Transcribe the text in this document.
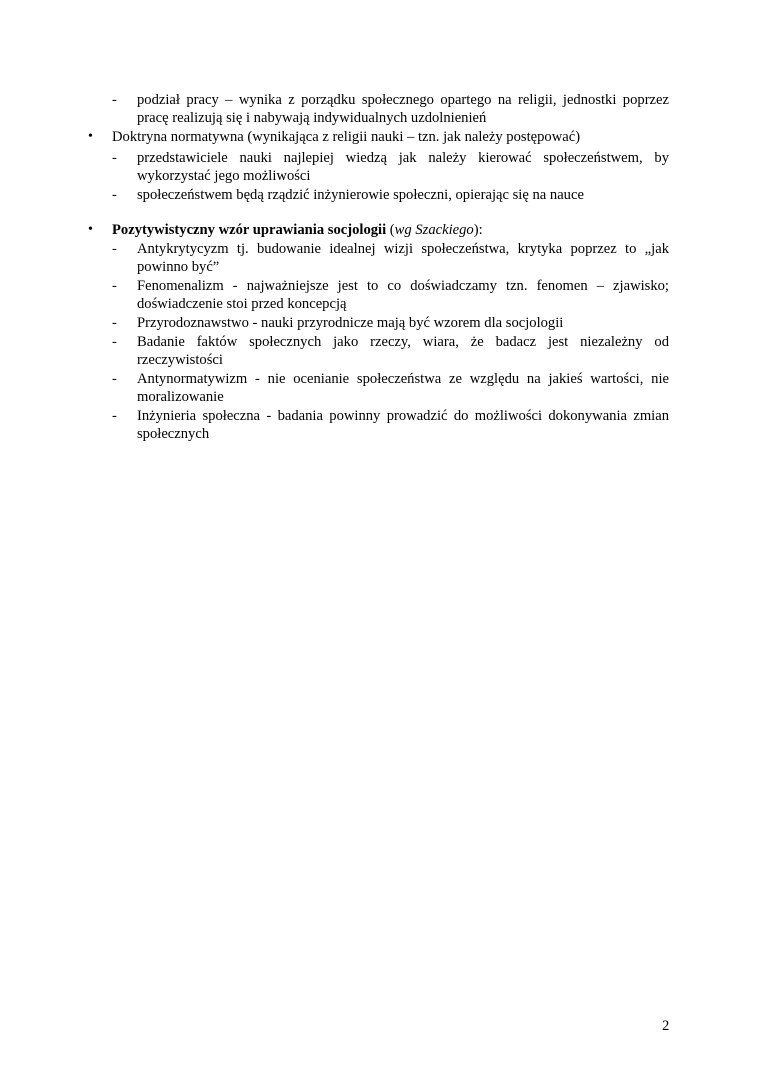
- podział pracy – wynika z porządku społecznego opartego na religii, jednostki poprzez pracę realizują się i nabywają indywidualnych uzdolnienień
• Doktryna normatywna (wynikająca z religii nauki – tzn. jak należy postępować)
- przedstawiciele nauki najlepiej wiedzą jak należy kierować społeczeństwem, by wykorzystać jego możliwości
- społeczeństwem będą rządzić inżynierowie społeczni, opierając się na nauce
• Pozytywistyczny wzór uprawiania socjologii (wg Szackiego):
- Antykrytycyzm tj. budowanie idealnej wizji społeczeństwa, krytyka poprzez to „jak powinno być”
- Fenomenalizm - najważniejsze jest to co doświadczamy tzn. fenomen – zjawisko; doświadczenie stoi przed koncepcją
- Przyrodoznawstwo - nauki przyrodnicze mają być wzorem dla socjologii
- Badanie faktów społecznych jako rzeczy, wiara, że badacz jest niezależny od rzeczywistości
- Antynormatywizm - nie ocenianie społeczeństwa ze względu na jakieś wartości, nie moralizowanie
- Inżynieria społeczna - badania powinny prowadzić do możliwości dokonywania zmian społecznych
2
